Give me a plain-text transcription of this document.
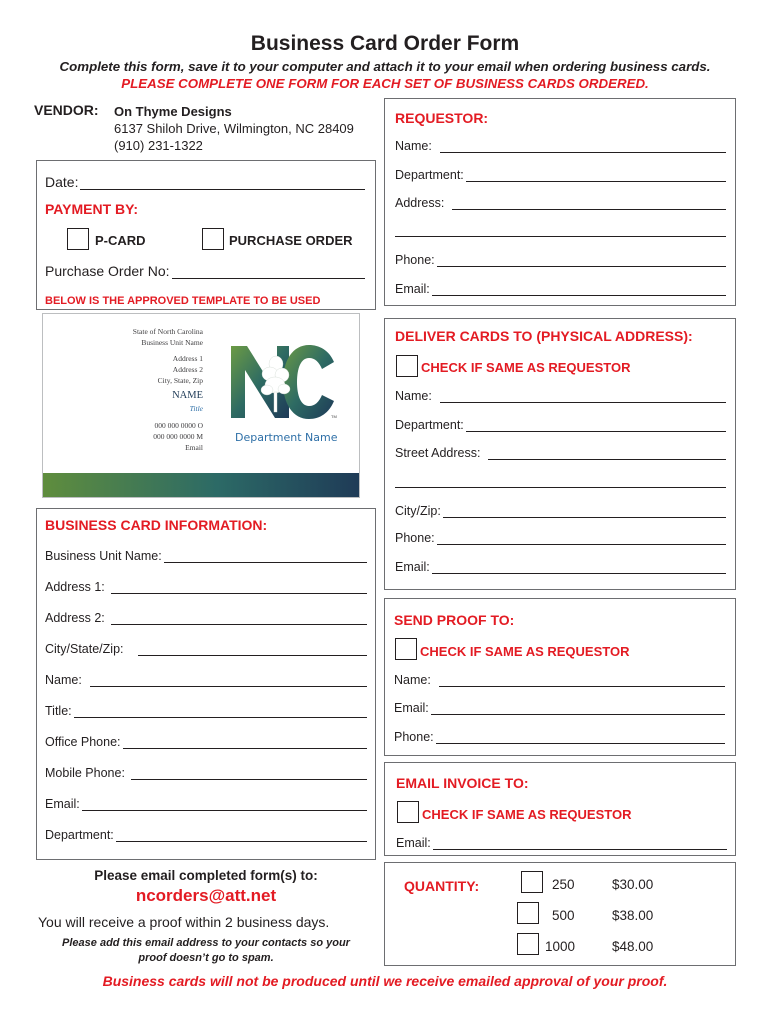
Business Card Order Form
Complete this form, save it to your computer and attach it to your email when ordering business cards.
PLEASE COMPLETE ONE FORM FOR EACH SET OF BUSINESS CARDS ORDERED.
VENDOR: On Thyme Designs
6137 Shiloh Drive, Wilmington, NC 28409
(910) 231-1322
Date:
PAYMENT BY:
P-CARD	PURCHASE ORDER
Purchase Order No:
BELOW IS THE APPROVED TEMPLATE TO BE USED
State of North Carolina
Business Unit Name
Address 1
Address 2
City, State, Zip
NAME
Title
000 000 0000 O
000 000 0000 M
Email
TM
Department Name
REQUESTOR:
Name:
Department:
Address:
Phone:
Email:
DELIVER CARDS TO (PHYSICAL ADDRESS):
CHECK IF SAME AS REQUESTOR
Name:
Department:
Street Address:
City/Zip:
Phone:
Email:
BUSINESS CARD INFORMATION:
Business Unit Name:
Address 1:
Address 2:
City/State/Zip:
Name:
Title:
Office Phone:
Mobile Phone:
Email:
Department:
SEND PROOF TO:
CHECK IF SAME AS REQUESTOR
Name:
Email:
Phone:
EMAIL INVOICE TO:
CHECK IF SAME AS REQUESTOR
Email:
Please email completed form(s) to:
ncorders@att.net
You will receive a proof within 2 business days.
Please add this email address to your contacts so your
proof doesn’t go to spam.
QUANTITY:	250	$30.00
500	$38.00
1000	$48.00
Business cards will not be produced until we receive emailed approval of your proof.
